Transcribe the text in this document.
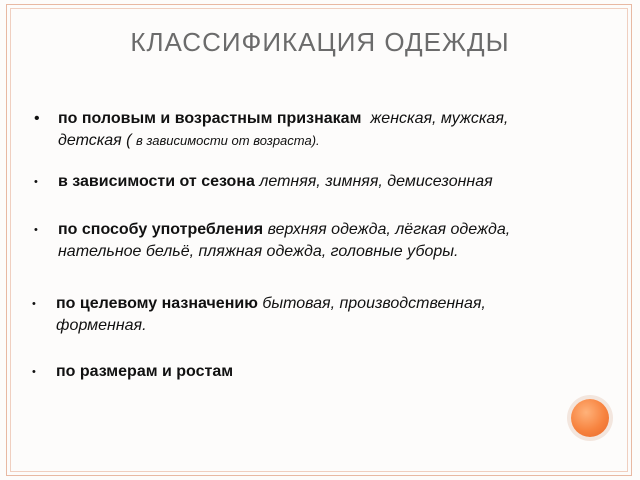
КЛАССИФИКАЦИЯ ОДЕЖДЫ
• по половым и возрастным признакам женская, мужская,
детская ( в зависимости от возраста).
• в зависимости от сезона летняя, зимняя, демисезонная
• по способу употребления верхняя одежда, лёгкая одежда,
нательное бельё, пляжная одежда, головные уборы.
• по целевому назначению бытовая, производственная,
форменная.
• по размерам и ростам
